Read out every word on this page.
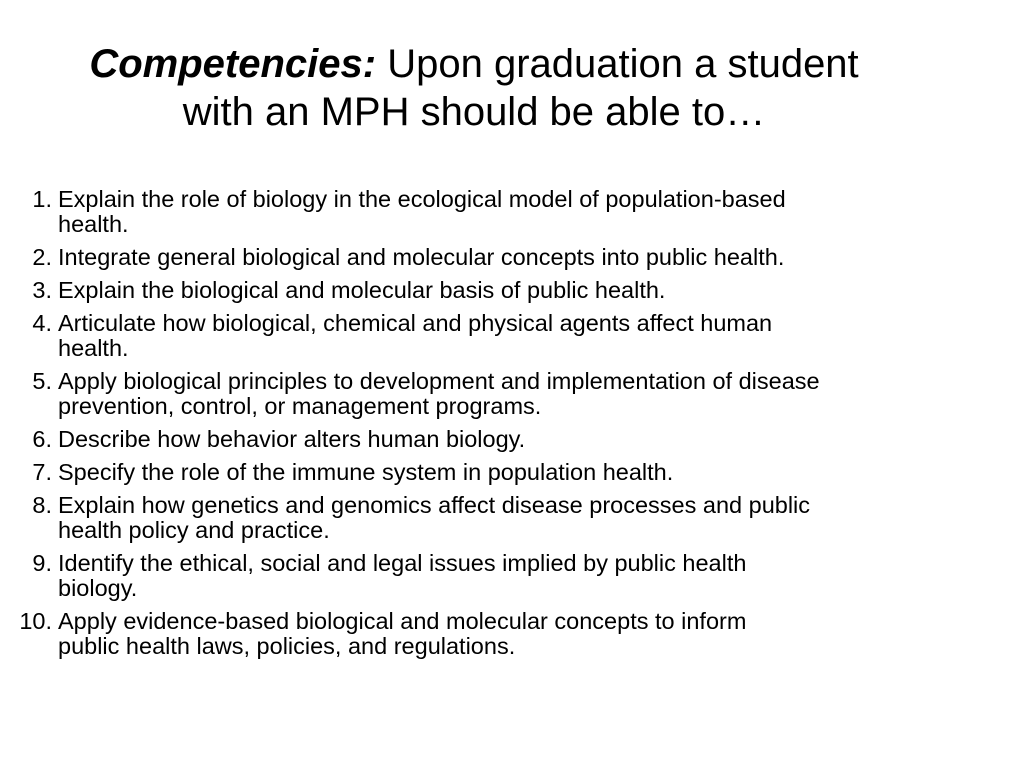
Competencies: Upon graduation a student
with an MPH should be able to…
1. Explain the role of biology in the ecological model of population-based
health.
2. Integrate general biological and molecular concepts into public health.
3. Explain the biological and molecular basis of public health.
4. Articulate how biological, chemical and physical agents affect human
health.
5. Apply biological principles to development and implementation of disease
prevention, control, or management programs.
6. Describe how behavior alters human biology.
7. Specify the role of the immune system in population health.
8. Explain how genetics and genomics affect disease processes and public
health policy and practice.
9. Identify the ethical, social and legal issues implied by public health
biology.
10. Apply evidence-based biological and molecular concepts to inform
public health laws, policies, and regulations.
